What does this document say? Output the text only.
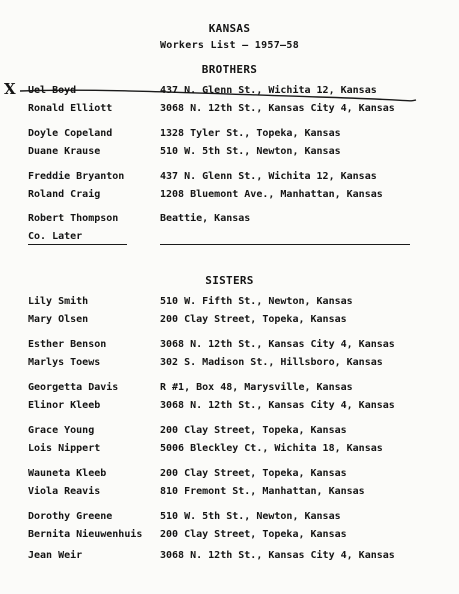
KANSAS
Workers List – 1957–58
BROTHERS
X Uel Boyd	437 N. Glenn St., Wichita 12, Kansas
Ronald Elliott	3068 N. 12th St., Kansas City 4, Kansas
Doyle Copeland	1328 Tyler St., Topeka, Kansas
Duane Krause	510 W. 5th St., Newton, Kansas
Freddie Bryanton	437 N. Glenn St., Wichita 12, Kansas
Roland Craig	1208 Bluemont Ave., Manhattan, Kansas
Robert Thompson	Beattie, Kansas
Co. Later
SISTERS
Lily Smith	510 W. Fifth St., Newton, Kansas
Mary Olsen	200 Clay Street, Topeka, Kansas
Esther Benson	3068 N. 12th St., Kansas City 4, Kansas
Marlys Toews	302 S. Madison St., Hillsboro, Kansas
Georgetta Davis	R #1, Box 48, Marysville, Kansas
Elinor Kleeb	3068 N. 12th St., Kansas City 4, Kansas
Grace Young	200 Clay Street, Topeka, Kansas
Lois Nippert	5006 Bleckley Ct., Wichita 18, Kansas
Wauneta Kleeb	200 Clay Street, Topeka, Kansas
Viola Reavis	810 Fremont St., Manhattan, Kansas
Dorothy Greene	510 W. 5th St., Newton, Kansas
Bernita Nieuwenhuis 200 Clay Street, Topeka, Kansas
Jean Weir	3068 N. 12th St., Kansas City 4, Kansas
